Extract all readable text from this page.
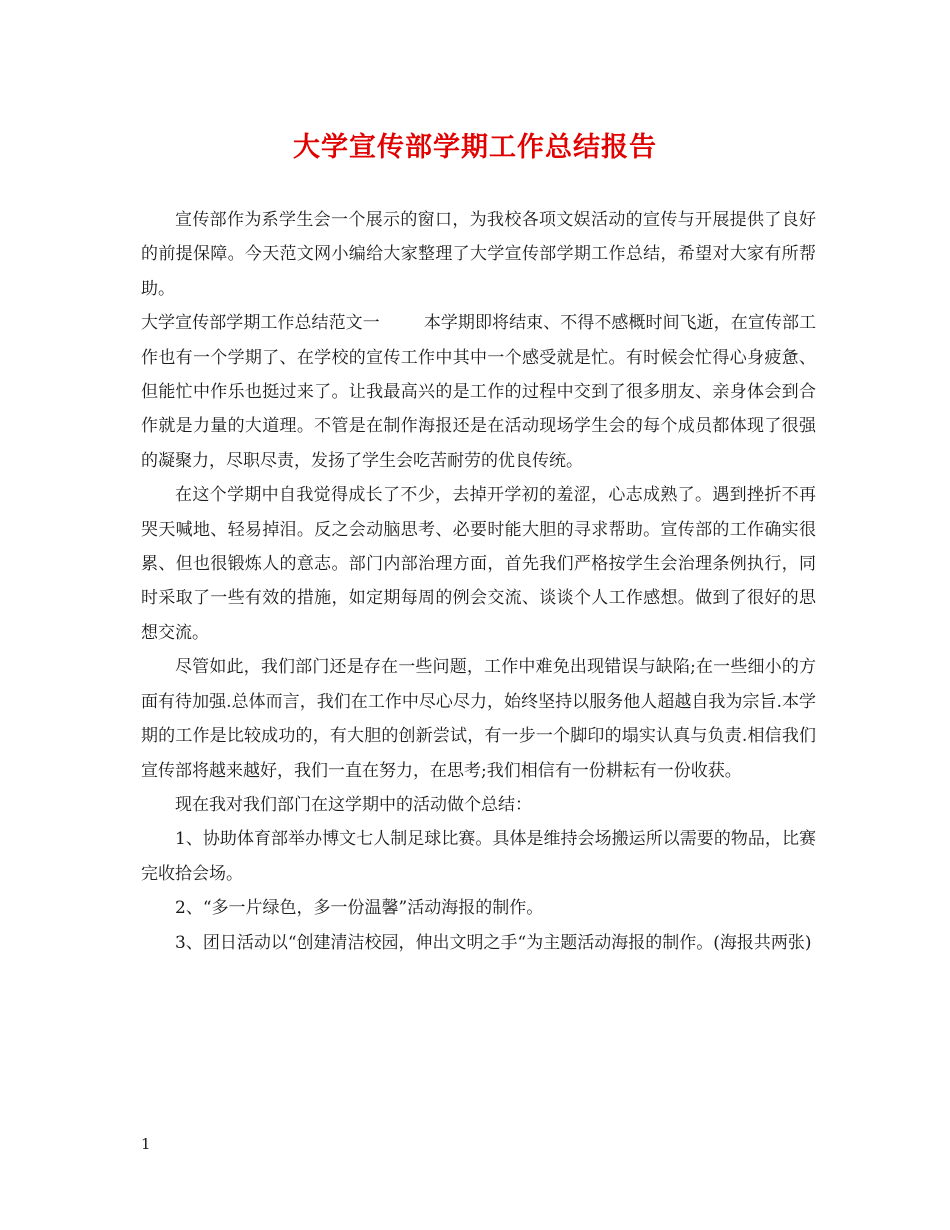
大学宣传部学期工作总结报告

宣传部作为系学生会一个展示的窗口，为我校各项文娱活动的宣传与开展提供了良好的前提保障。今天范文网小编给大家整理了大学宣传部学期工作总结，希望对大家有所帮助。

大学宣传部学期工作总结范文一	本学期即将结束、不得不感概时间飞逝，在宣传部工作也有一个学期了、在学校的宣传工作中其中一个感受就是忙。有时候会忙得心身疲惫、但能忙中作乐也挺过来了。让我最高兴的是工作的过程中交到了很多朋友、亲身体会到合作就是力量的大道理。不管是在制作海报还是在活动现场学生会的每个成员都体现了很强的凝聚力，尽职尽责，发扬了学生会吃苦耐劳的优良传统。

在这个学期中自我觉得成长了不少，去掉开学初的羞涩，心志成熟了。遇到挫折不再哭天喊地、轻易掉泪。反之会动脑思考、必要时能大胆的寻求帮助。宣传部的工作确实很累、但也很锻炼人的意志。部门内部治理方面，首先我们严格按学生会治理条例执行，同时采取了一些有效的措施，如定期每周的例会交流、谈谈个人工作感想。做到了很好的思想交流。

尽管如此，我们部门还是存在一些问题，工作中难免出现错误与缺陷;在一些细小的方面有待加强.总体而言，我们在工作中尽心尽力，始终坚持以服务他人超越自我为宗旨.本学期的工作是比较成功的，有大胆的创新尝试，有一步一个脚印的塌实认真与负责.相信我们宣传部将越来越好，我们一直在努力，在思考;我们相信有一份耕耘有一份收获。

现在我对我们部门在这学期中的活动做个总结：

1、协助体育部举办博文七人制足球比赛。具体是维持会场搬运所以需要的物品，比赛完收拾会场。

2、“多一片绿色，多一份温馨”活动海报的制作。

3、团日活动以“创建清洁校园，伸出文明之手“为主题活动海报的制作。(海报共两张)

1
